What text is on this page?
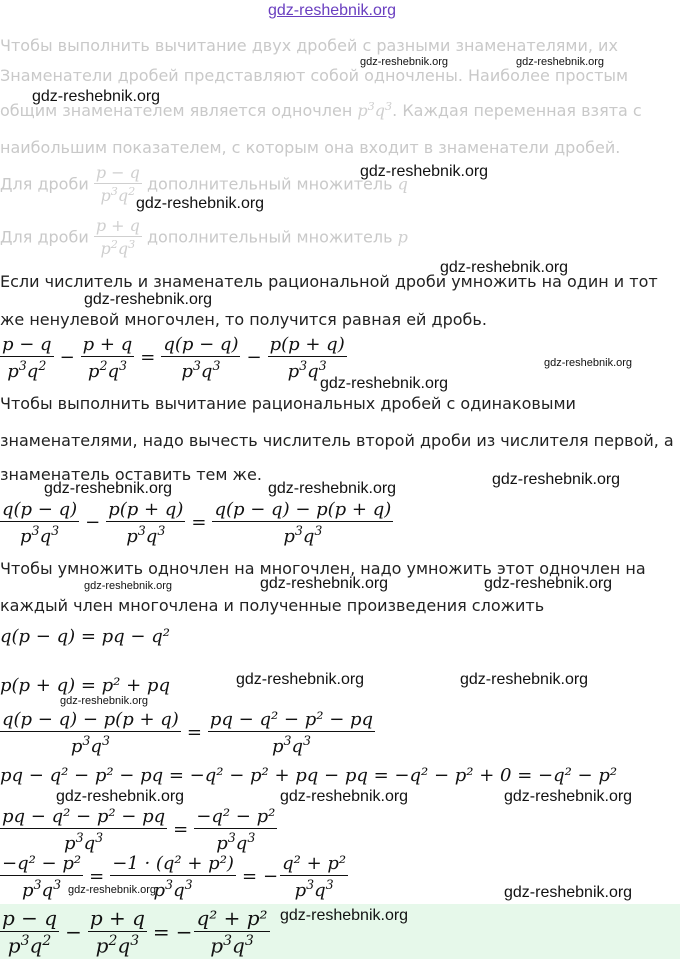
gdz-reshebnik.org
Чтобы выполнить вычитание двух дробей с разными знаменателями, их
Знаменатели дробей представляют собой одночлены. Наиболее простым
общим знаменателем является одночлен $p^3q^3$. Каждая переменная взята с
наибольшим показателем, с которым она входит в знаменатели дробей.
Для дроби $\frac{p - q}{p^3q^2}$ дополнительный множитель q
Для дроби $\frac{p + q}{p^2q^3}$ дополнительный множитель p
Если числитель и знаменатель рациональной дроби умножить на один и тот
же ненулевой многочлен, то получится равная ей дробь.
$\frac{p - q}{p^3q^2} - \frac{p + q}{p^2q^3} = \frac{q(p - q)}{p^3q^3} - \frac{p(p + q)}{p^3q^3}$
Чтобы выполнить вычитание рациональных дробей с одинаковыми
знаменателями, надо вычесть числитель второй дроби из числителя первой, а
знаменатель оставить тем же.
$\frac{q(p - q)}{p^3q^3} - \frac{p(p + q)}{p^3q^3} = \frac{q(p - q) - p(p + q)}{p^3q^3}$
Чтобы умножить одночлен на многочлен, надо умножить этот одночлен на
каждый член многочлена и полученные произведения сложить
q(p − q) = pq − q²
p(p + q) = p² + pq
$\frac{q(p - q) - p(p + q)}{p^3q^3} = \frac{\text{pq − q² − p² − pq}}{p^3q^3}$
pq − q² − p² − pq = −q² − p² + pq − pq = −q² − p² + 0 = −q² − p²
$\frac{\text{pq − q² − p² − pq}}{p^3q^3} = \frac{\text{−q² − p²}}{p^3q^3}$
$\frac{\text{−q² − p²}}{p^3q^3} = \frac{\text{−1 · (q² + p²)}}{p^3q^3}$ = − $\frac{\text{q² + p²}}{p^3q^3}$
$\frac{p - q}{p^3q^2} - \frac{p + q}{p^2q^3}$ = − $\frac{\text{q² + p²}}{p^3q^3}$
gdz-reshebnik.org	gdz-reshebnik.org
gdz-reshebnik.org
gdz-reshebnik.org
gdz-reshebnik.org
gdz-reshebnik.org
gdz-reshebnik.org
gdz-reshebnik.org
gdz-reshebnik.org
gdz-reshebnik.org
gdz-reshebnik.org	gdz-reshebnik.org
gdz-reshebnik.org	gdz-reshebnik.org	gdz-reshebnik.org
gdz-reshebnik.org	gdz-reshebnik.org
gdz-reshebnik.org
gdz-reshebnik.org	gdz-reshebnik.org	gdz-reshebnik.org
gdz-reshebnik.org	gdz-reshebnik.org
gdz-reshebnik.org
